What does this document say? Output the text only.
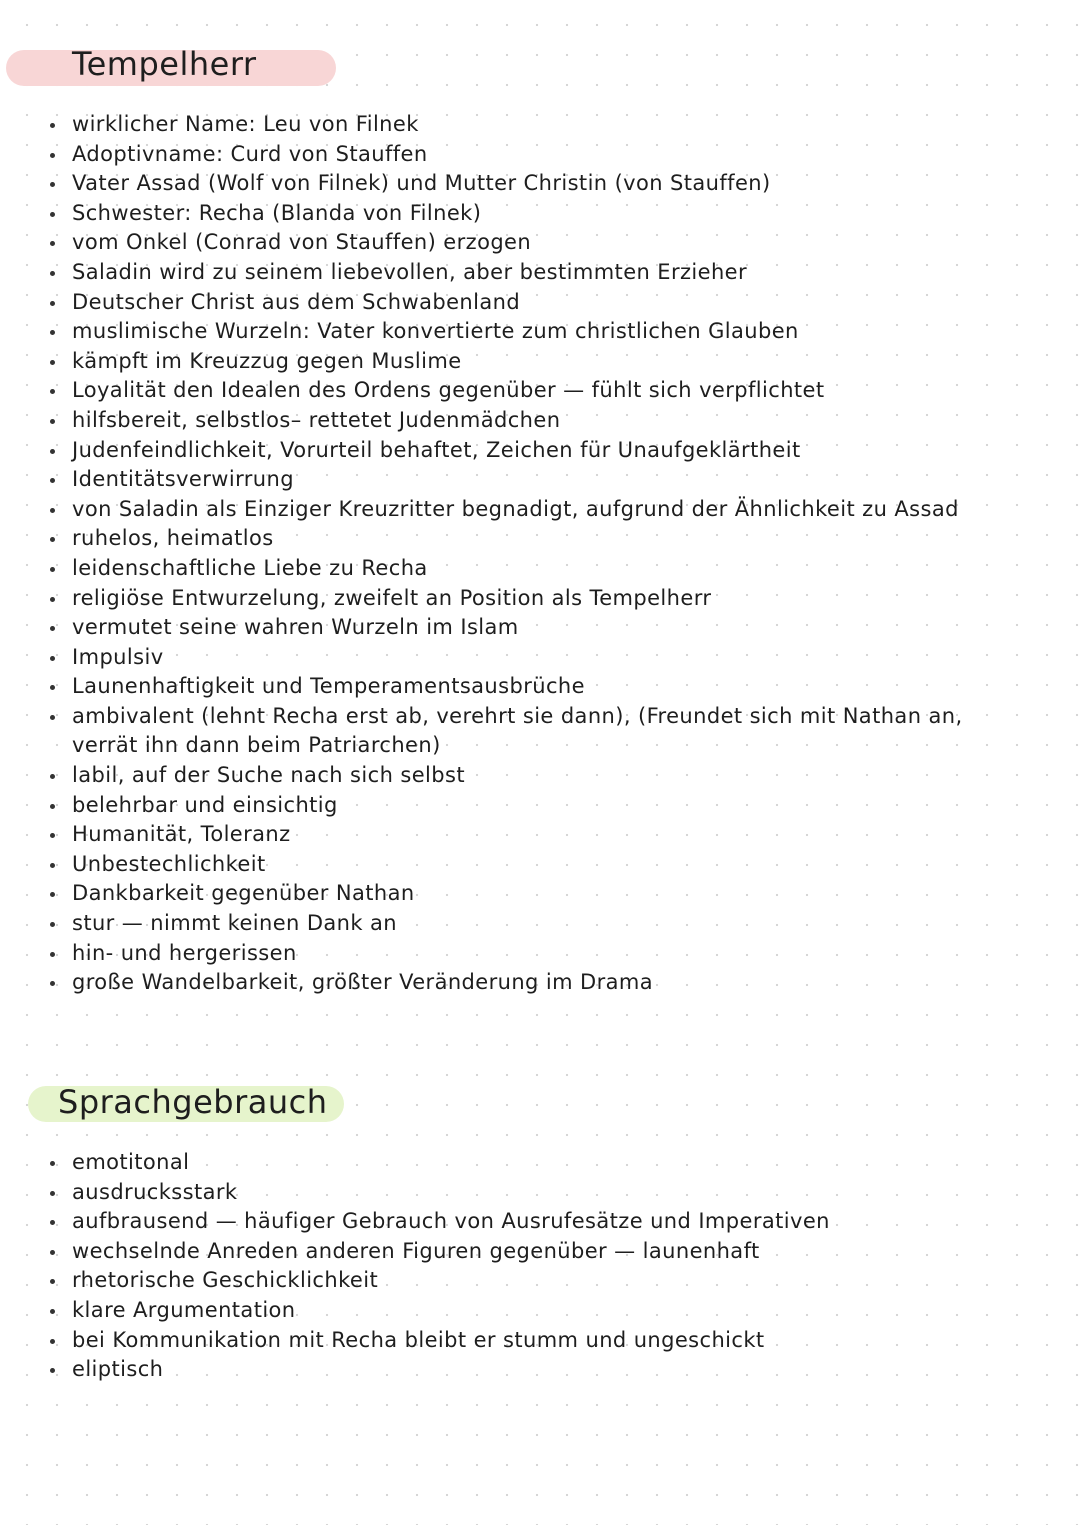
Tempelherr
wirklicher Name: Leu von Filnek
Adoptivname: Curd von Stauffen
Vater Assad (Wolf von Filnek) und Mutter Christin (von Stauffen)
Schwester: Recha (Blanda von Filnek)
vom Onkel (Conrad von Stauffen) erzogen
Saladin wird zu seinem liebevollen, aber bestimmten Erzieher
Deutscher Christ aus dem Schwabenland
muslimische Wurzeln: Vater konvertierte zum christlichen Glauben
kämpft im Kreuzzug gegen Muslime
Loyalität den Idealen des Ordens gegenüber — fühlt sich verpflichtet
hilfsbereit, selbstlos– rettetet Judenmädchen
Judenfeindlichkeit, Vorurteil behaftet, Zeichen für Unaufgeklärtheit
Identitätsverwirrung
von Saladin als Einziger Kreuzritter begnadigt, aufgrund der Ähnlichkeit zu Assad
ruhelos, heimatlos
leidenschaftliche Liebe zu Recha
religiöse Entwurzelung, zweifelt an Position als Tempelherr
vermutet seine wahren Wurzeln im Islam
Impulsiv
Launenhaftigkeit und Temperamentsausbrüche
ambivalent (lehnt Recha erst ab, verehrt sie dann), (Freundet sich mit Nathan an, verrät ihn dann beim Patriarchen)
labil, auf der Suche nach sich selbst
belehrbar und einsichtig
Humanität, Toleranz
Unbestechlichkeit
Dankbarkeit gegenüber Nathan
stur — nimmt keinen Dank an
hin- und hergerissen
große Wandelbarkeit, größter Veränderung im Drama
Sprachgebrauch
emotitonal
ausdrucksstark
aufbrausend — häufiger Gebrauch von Ausrufesätze und Imperativen
wechselnde Anreden anderen Figuren gegenüber — launenhaft
rhetorische Geschicklichkeit
klare Argumentation
bei Kommunikation mit Recha bleibt er stumm und ungeschickt
eliptisch
